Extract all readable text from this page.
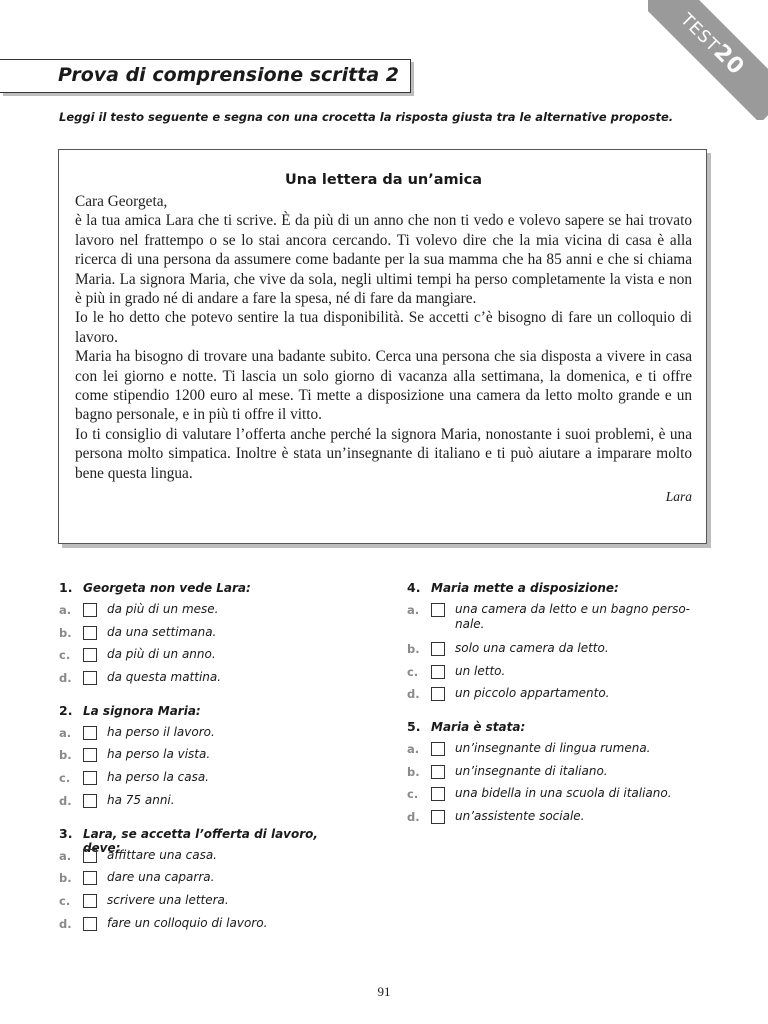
TEST20
Prova di comprensione scritta 2
Leggi il testo seguente e segna con una crocetta la risposta giusta tra le alternative proposte.
Una lettera da un’amica

Cara Georgeta,

è la tua amica Lara che ti scrive. È da più di un anno che non ti vedo e volevo sapere se hai trovato lavoro nel frattempo o se lo stai ancora cercando. Ti volevo dire che la mia vicina di casa è alla ricerca di una persona da assumere come badante per la sua mamma che ha 85 anni e che si chiama Maria. La signora Maria, che vive da sola, negli ultimi tempi ha perso completamente la vista e non è più in grado né di andare a fare la spesa, né di fare da mangiare.

Io le ho detto che potevo sentire la tua disponibilità. Se accetti c’è bisogno di fare un colloquio di lavoro.

Maria ha bisogno di trovare una badante subito. Cerca una persona che sia disposta a vivere in casa con lei giorno e notte. Ti lascia un solo giorno di vacanza alla settimana, la domenica, e ti offre come stipendio 1200 euro al mese. Ti mette a disposizione una camera da letto molto grande e un bagno personale, e in più ti offre il vitto.

Io ti consiglio di valutare l’offerta anche perché la signora Maria, nonostante i suoi problemi, è una persona molto simpatica. Inoltre è stata un’insegnante di italiano e ti può aiutare a imparare molto bene questa lingua.

Lara
1. Georgeta non vede Lara:
a.	da più di un mese.
b.	da una settimana.
c.	da più di un anno.
d.	da questa mattina.
2. La signora Maria:
a.	ha perso il lavoro.
b.	ha perso la vista.
c.	ha perso la casa.
d.	ha 75 anni.
3. Lara, se accetta l’offerta di lavoro, deve:
a.	affittare una casa.
b.	dare una caparra.
c.	scrivere una lettera.
d.	fare un colloquio di lavoro.
4. Maria mette a disposizione:
a.	una camera da letto e un bagno perso-nale.
b.	solo una camera da letto.
c.	un letto.
d.	un piccolo appartamento.
5. Maria è stata:
a.	un’insegnante di lingua rumena.
b.	un’insegnante di italiano.
c.	una bidella in una scuola di italiano.
d.	un’assistente sociale.
91
